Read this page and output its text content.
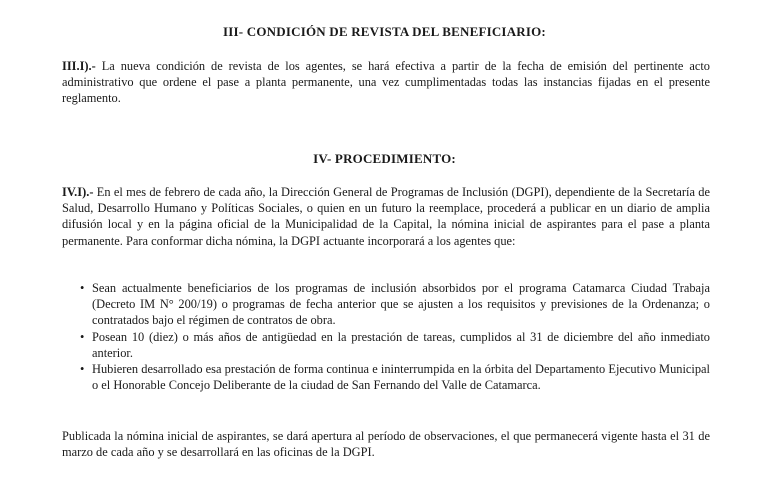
III- CONDICIÓN DE REVISTA DEL BENEFICIARIO:

III.I).- La nueva condición de revista de los agentes, se hará efectiva a partir de la fecha de emisión del pertinente acto administrativo que ordene el pase a planta permanente, una vez cumplimentadas todas las instancias fijadas en el presente reglamento.

IV- PROCEDIMIENTO:

IV.I).- En el mes de febrero de cada año, la Dirección General de Programas de Inclusión (DGPI), dependiente de la Secretaría de Salud, Desarrollo Humano y Políticas Sociales, o quien en un futuro la reemplace, procederá a publicar en un diario de amplia difusión local y en la página oficial de la Municipalidad de la Capital, la nómina inicial de aspirantes para el pase a planta permanente. Para conformar dicha nómina, la DGPI actuante incorporará a los agentes que:

• Sean actualmente beneficiarios de los programas de inclusión absorbidos por el programa Catamarca Ciudad Trabaja (Decreto IM N° 200/19) o programas de fecha anterior que se ajusten a los requisitos y previsiones de la Ordenanza; o contratados bajo el régimen de contratos de obra.
• Posean 10 (diez) o más años de antigüedad en la prestación de tareas, cumplidos al 31 de diciembre del año inmediato anterior.
• Hubieren desarrollado esa prestación de forma continua e ininterrumpida en la órbita del Departamento Ejecutivo Municipal o el Honorable Concejo Deliberante de la ciudad de San Fernando del Valle de Catamarca.

Publicada la nómina inicial de aspirantes, se dará apertura al período de observaciones, el que permanecerá vigente hasta el 31 de marzo de cada año y se desarrollará en las oficinas de la DGPI.
